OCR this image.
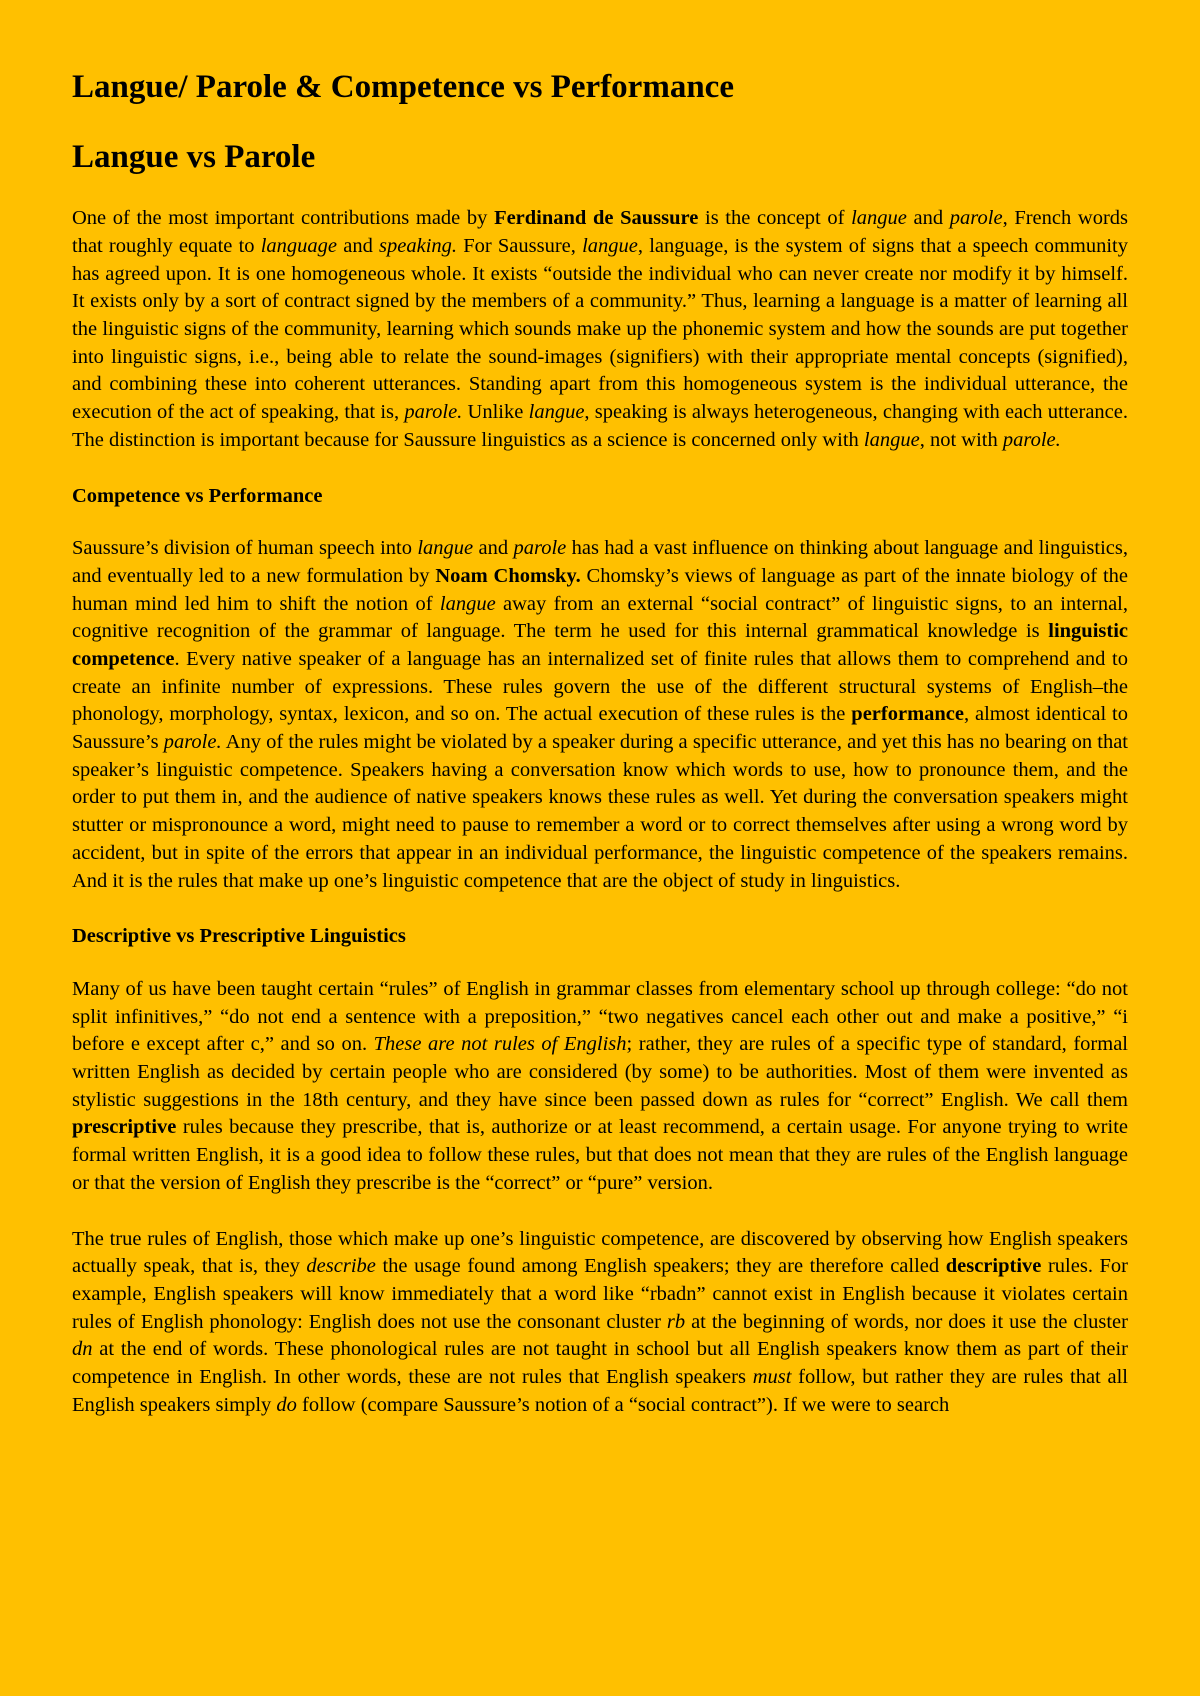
Langue/ Parole & Competence vs Performance
Langue vs Parole

One of the most important contributions made by Ferdinand de Saussure is the concept of langue and parole, French words that roughly equate to language and speaking. For Saussure, langue, language, is the system of signs that a speech community has agreed upon. It is one homogeneous whole. It exists “outside the individual who can never create nor modify it by himself. It exists only by a sort of contract signed by the members of a community.” Thus, learning a language is a matter of learning all the linguistic signs of the community, learning which sounds make up the phonemic system and how the sounds are put together into linguistic signs, i.e., being able to relate the sound-images (signifiers) with their appropriate mental concepts (signified), and combining these into coherent utterances. Standing apart from this homogeneous system is the individual utterance, the execution of the act of speaking, that is, parole. Unlike langue, speaking is always heterogeneous, changing with each utterance. The distinction is important because for Saussure linguistics as a science is concerned only with langue, not with parole.

Competence vs Performance

Saussure’s division of human speech into langue and parole has had a vast influence on thinking about language and linguistics, and eventually led to a new formulation by Noam Chomsky. Chomsky’s views of language as part of the innate biology of the human mind led him to shift the notion of langue away from an external “social contract” of linguistic signs, to an internal, cognitive recognition of the grammar of language. The term he used for this internal grammatical knowledge is linguistic competence. Every native speaker of a language has an internalized set of finite rules that allows them to comprehend and to create an infinite number of expressions. These rules govern the use of the different structural systems of English–the phonology, morphology, syntax, lexicon, and so on. The actual execution of these rules is the performance, almost identical to Saussure’s parole. Any of the rules might be violated by a speaker during a specific utterance, and yet this has no bearing on that speaker’s linguistic competence. Speakers having a conversation know which words to use, how to pronounce them, and the order to put them in, and the audience of native speakers knows these rules as well. Yet during the conversation speakers might stutter or mispronounce a word, might need to pause to remember a word or to correct themselves after using a wrong word by accident, but in spite of the errors that appear in an individual performance, the linguistic competence of the speakers remains. And it is the rules that make up one’s linguistic competence that are the object of study in linguistics.

Descriptive vs Prescriptive Linguistics

Many of us have been taught certain “rules” of English in grammar classes from elementary school up through college: “do not split infinitives,” “do not end a sentence with a preposition,” “two negatives cancel each other out and make a positive,” “i before e except after c,” and so on. These are not rules of English; rather, they are rules of a specific type of standard, formal written English as decided by certain people who are considered (by some) to be authorities. Most of them were invented as stylistic suggestions in the 18th century, and they have since been passed down as rules for “correct” English. We call them prescriptive rules because they prescribe, that is, authorize or at least recommend, a certain usage. For anyone trying to write formal written English, it is a good idea to follow these rules, but that does not mean that they are rules of the English language or that the version of English they prescribe is the “correct” or “pure” version.

The true rules of English, those which make up one’s linguistic competence, are discovered by observing how English speakers actually speak, that is, they describe the usage found among English speakers; they are therefore called descriptive rules. For example, English speakers will know immediately that a word like “rbadn” cannot exist in English because it violates certain rules of English phonology: English does not use the consonant cluster rb at the beginning of words, nor does it use the cluster dn at the end of words. These phonological rules are not taught in school but all English speakers know them as part of their competence in English. In other words, these are not rules that English speakers must follow, but rather they are rules that all English speakers simply do follow (compare Saussure’s notion of a “social contract”). If we were to search
